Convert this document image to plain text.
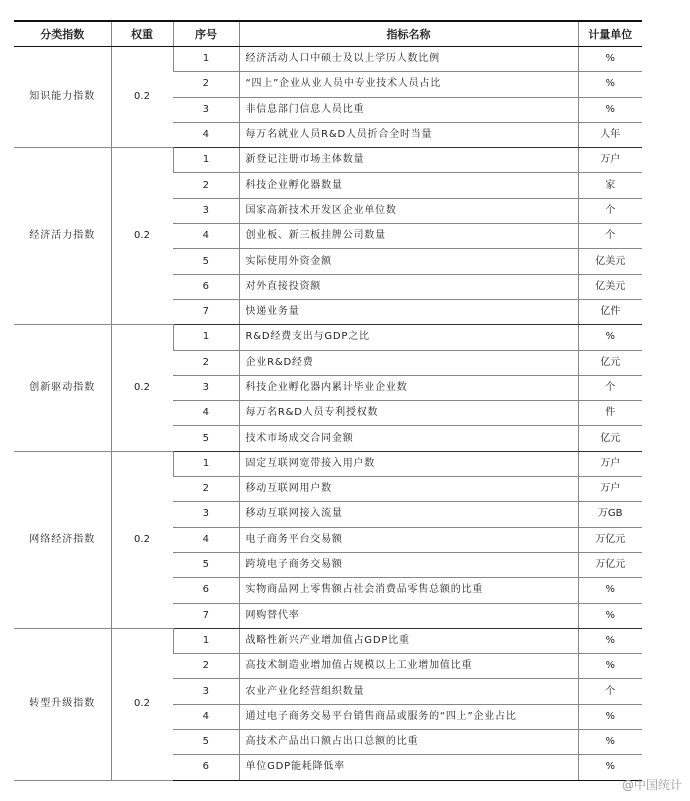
分类指数	权重	序号	指标名称	计量单位
知识能力指数	0.2	1	经济活动人口中硕士及以上学历人数比例	%
		2	“四上”企业从业人员中专业技术人员占比	%
		3	非信息部门信息人员比重	%
		4	每万名就业人员R&D人员折合全时当量	人年
经济活力指数	0.2	1	新登记注册市场主体数量	万户
		2	科技企业孵化器数量	家
		3	国家高新技术开发区企业单位数	个
		4	创业板、新三板挂牌公司数量	个
		5	实际使用外资金额	亿美元
		6	对外直接投资额	亿美元
		7	快递业务量	亿件
创新驱动指数	0.2	1	R&D经费支出与GDP之比	%
		2	企业R&D经费	亿元
		3	科技企业孵化器内累计毕业企业数	个
		4	每万名R&D人员专利授权数	件
		5	技术市场成交合同金额	亿元
网络经济指数	0.2	1	固定互联网宽带接入用户数	万户
		2	移动互联网用户数	万户
		3	移动互联网接入流量	万GB
		4	电子商务平台交易额	万亿元
		5	跨境电子商务交易额	万亿元
		6	实物商品网上零售额占社会消费品零售总额的比重	%
		7	网购替代率	%
转型升级指数	0.2	1	战略性新兴产业增加值占GDP比重	%
		2	高技术制造业增加值占规模以上工业增加值比重	%
		3	农业产业化经营组织数量	个
		4	通过电子商务交易平台销售商品或服务的“四上”企业占比	%
		5	高技术产品出口额占出口总额的比重	%
		6	单位GDP能耗降低率	%
@中国统计
